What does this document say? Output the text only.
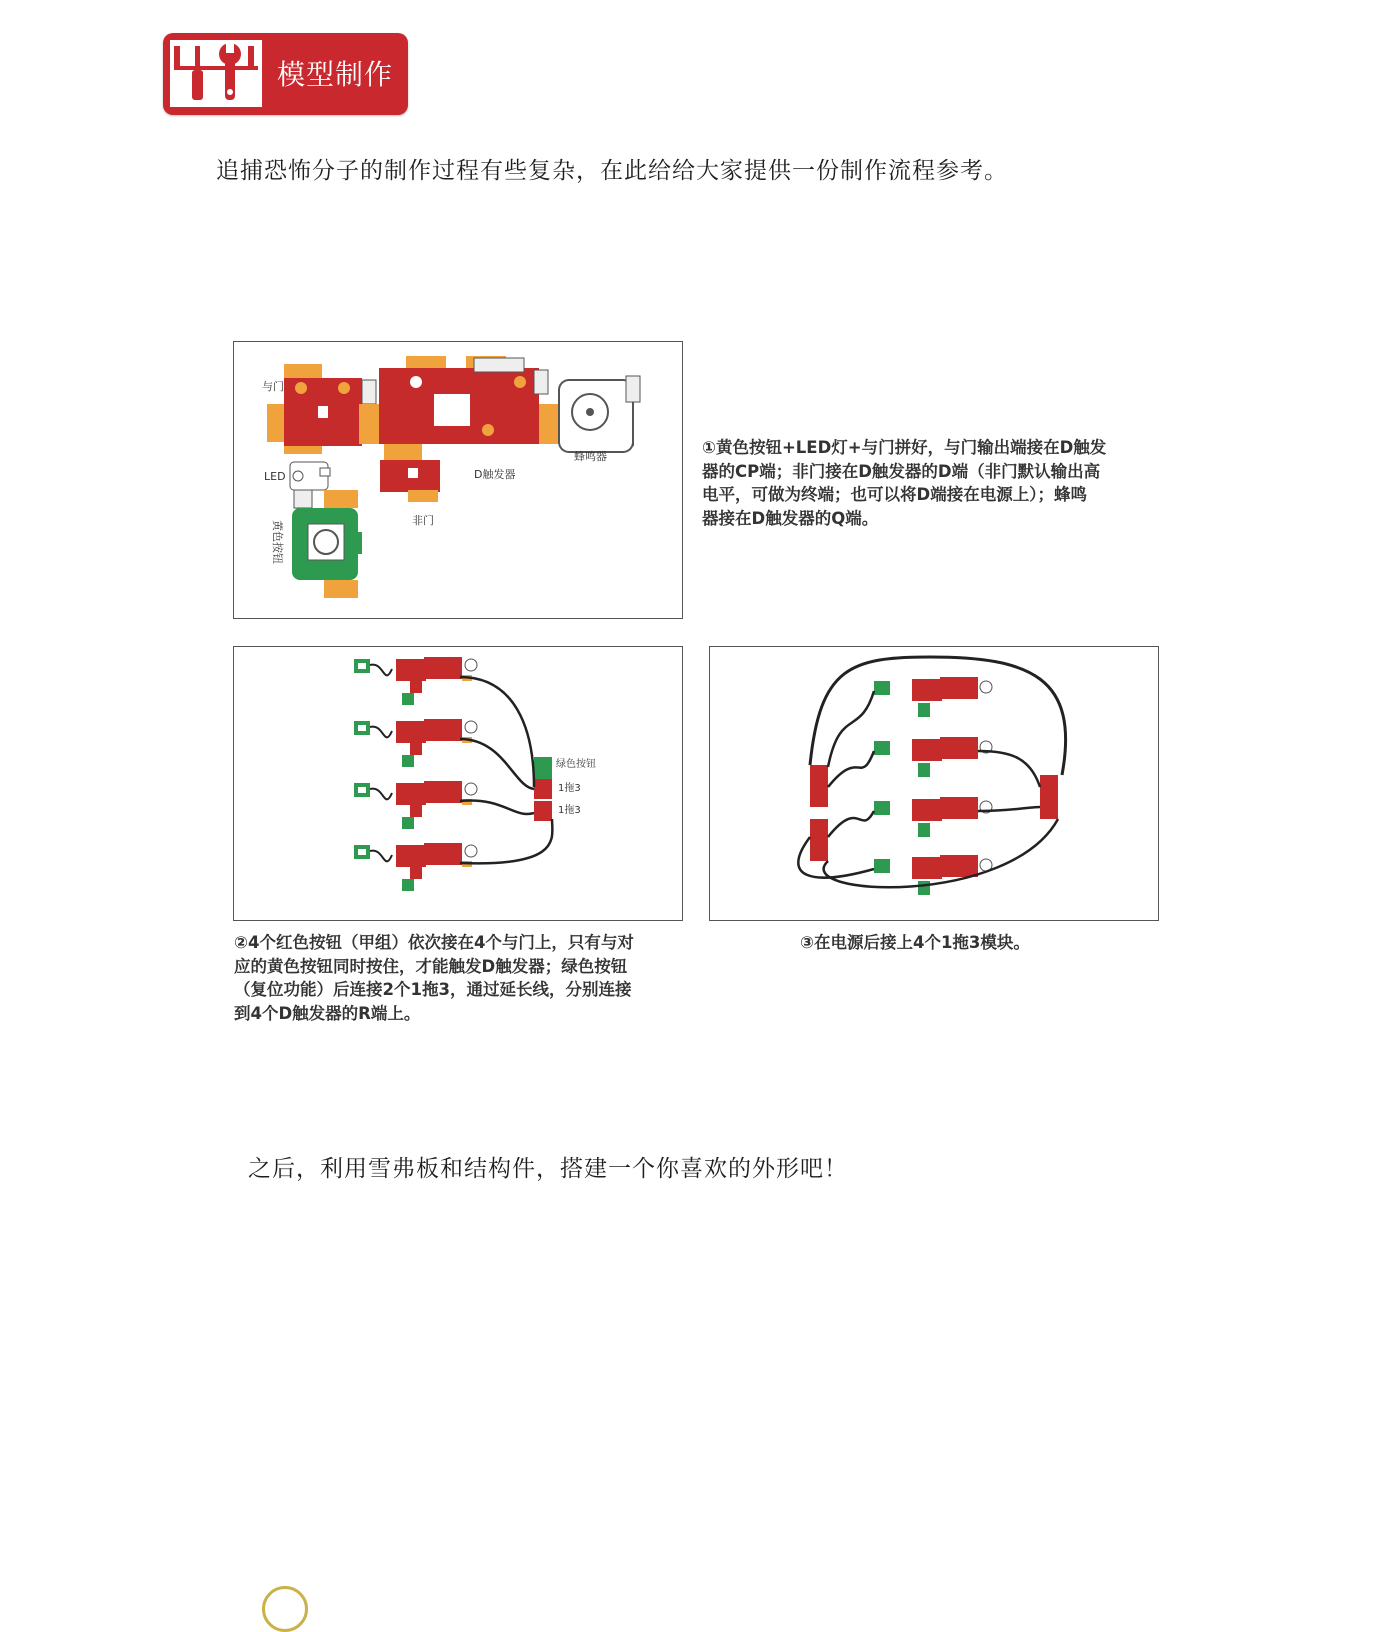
模型制作
追捕恐怖分子的制作过程有些复杂，在此给给大家提供一份制作流程参考。
与门
LED	D触发器
非门
蜂鸣器
黄色按钮
①黄色按钮+LED灯+与门拼好，与门输出端接在D触发
器的CP端；非门接在D触发器的D端（非门默认输出高
电平，可做为终端；也可以将D端接在电源上）；蜂鸣
器接在D触发器的Q端。
绿色按钮
1拖3
1拖3
②4个红色按钮（甲组）依次接在4个与门上，只有与对
应的黄色按钮同时按住，才能触发D触发器；绿色按钮
（复位功能）后连接2个1拖3，通过延长线，分别连接
到4个D触发器的R端上。
③在电源后接上4个1拖3模块。
之后，利用雪弗板和结构件，搭建一个你喜欢的外形吧！
